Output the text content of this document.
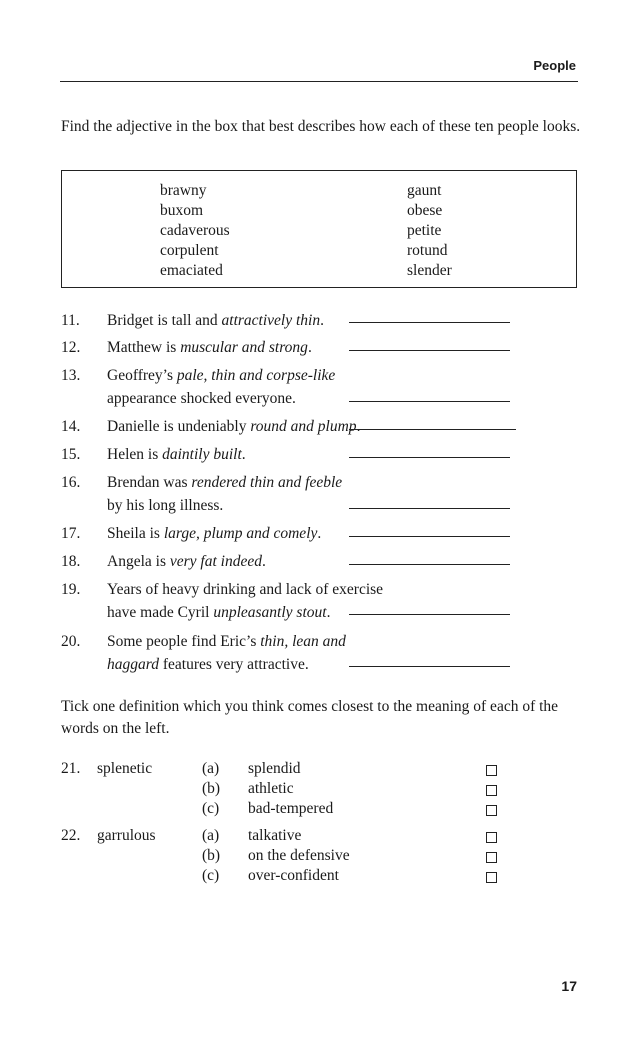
People

Find the adjective in the box that best describes how each of these ten people looks.

brawny
buxom
cadaverous
corpulent
emaciated
gaunt
obese
petite
rotund
slender
11. Bridget is tall and attractively thin.
12. Matthew is muscular and strong.
13. Geoffrey’s pale, thin and corpse-like
appearance shocked everyone.
14. Danielle is undeniably round and plump.
15. Helen is daintily built.
16. Brendan was rendered thin and feeble
by his long illness.
17. Sheila is large, plump and comely.
18. Angela is very fat indeed.
19. Years of heavy drinking and lack of exercise
have made Cyril unpleasantly stout.
20. Some people find Eric’s thin, lean and
haggard features very attractive.

Tick one definition which you think comes closest to the meaning of each of the words on the left.

21. splenetic	(a) splendid
(b) athletic
(c) bad-tempered
22. garrulous	(a) talkative
(b) on the defensive
(c) over-confident
17
